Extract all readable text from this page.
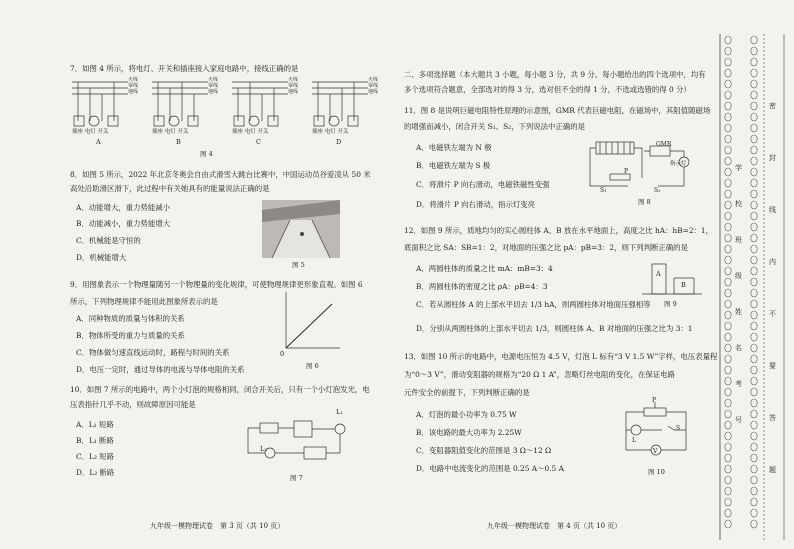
7．如图 4 所示，将电灯、开关和插座接入家庭电路中，接线正确的是
火线
零线
地线
火线
零线
地线
火线
零线
地线
火线
零线
地线
插座 电灯 开关	插座 电灯 开关	插座 电灯 开关	插座 电灯 开关
A	B	C	D
图 4
8．如图 5 所示，2022 年北京冬奥会自由式滑雪大跳台比赛中，中国运动员谷爱凌从 50 米
高处沿助滑区滑下，此过程中有关她具有的能量说法正确的是
A．动能增大，重力势能减小
B．动能减小，重力势能增大
C．机械能是守恒的
D．机械能增大
图 5
9．用图象表示一个物理量随另一个物理量的变化规律，可使物理规律更形象直观。如图 6
所示，下列物理规律不能用此图象所表示的是
A．同种物质的质量与体积的关系
B．物体所受的重力与质量的关系
C．物体做匀速直线运动时，路程与时间的关系
D．电压一定时，通过导体的电流与导体电阻的关系
0
图 6
10．如图 7 所示的电路中，两个小灯泡的规格相同，闭合开关后，只有一个小灯泡发光，电
压表指针几乎不动，则故障原因可能是
A．L₁ 短路
B．L₁ 断路
C．L₂ 短路
D．L₂ 断路
L₁
L₂
图 7
九年级一模物理试卷　第 3 页（共 10 页）
二、多项选择题（本大题共 3 小题，每小题 3 分，共 9 分。每小题给出的四个选项中，均有
多个选项符合题意，全部选对的得 3 分，选对但不全的得 1 分，不选或选错的得 0 分）
11．图 8 是说明巨磁电阻特性原理的示意图，GMR 代表巨磁电阻，在磁场中，其阻值随磁场
的增强而减小，闭合开关 S₁、S₂，下列说法中正确的是
A．电磁铁左端为 N 极
B．电磁铁左端为 S 极
C．将滑片 P 向右滑动，电磁铁磁性变强
D．将滑片 P 向右滑动，指示灯变亮
GMR
指示灯
P
S₁	S₂
图 8
12．如图 9 所示，质地均匀的实心圆柱体 A、B 放在水平地面上，高度之比 hA：hB=2：1，
底面积之比 SA：SB=1：2，对地面的压强之比 pA：pB=3：2，则下列判断正确的是
A．两圆柱体的质量之比 mA：mB=3：4
B．两圆柱体的密度之比 ρA：ρB=4：3
C．若从圆柱体 A 的上部水平切去 1/3 hA，则两圆柱体对地面压强相等
D．分别从两圆柱体的上部水平切去 1/3，则圆柱体 A、B 对地面的压强之比为 3：1
A
B
图 9
13．如图 10 所示的电路中，电源电压恒为 4.5 V，灯泡 L 标有“3 V 1.5 W”字样，电压表量程
为“0～3 V”，滑动变阻器的规格为“20 Ω 1 A”，忽略灯丝电阻的变化，在保证电路
元件安全的前提下，下列判断正确的是
A．灯泡的最小功率为 0.75 W
B．该电路的最大功率为 2.25W
C．变阻器阻值变化的范围是 3 Ω～12 Ω
D．电路中电流变化的范围是 0.25 A～0.5 A
P
L
S
V
图 10
九年级一模物理试卷　第 4 页（共 10 页）
学
校
班
级
姓
名
考
号
密
封
线
内
不
要
答
题
